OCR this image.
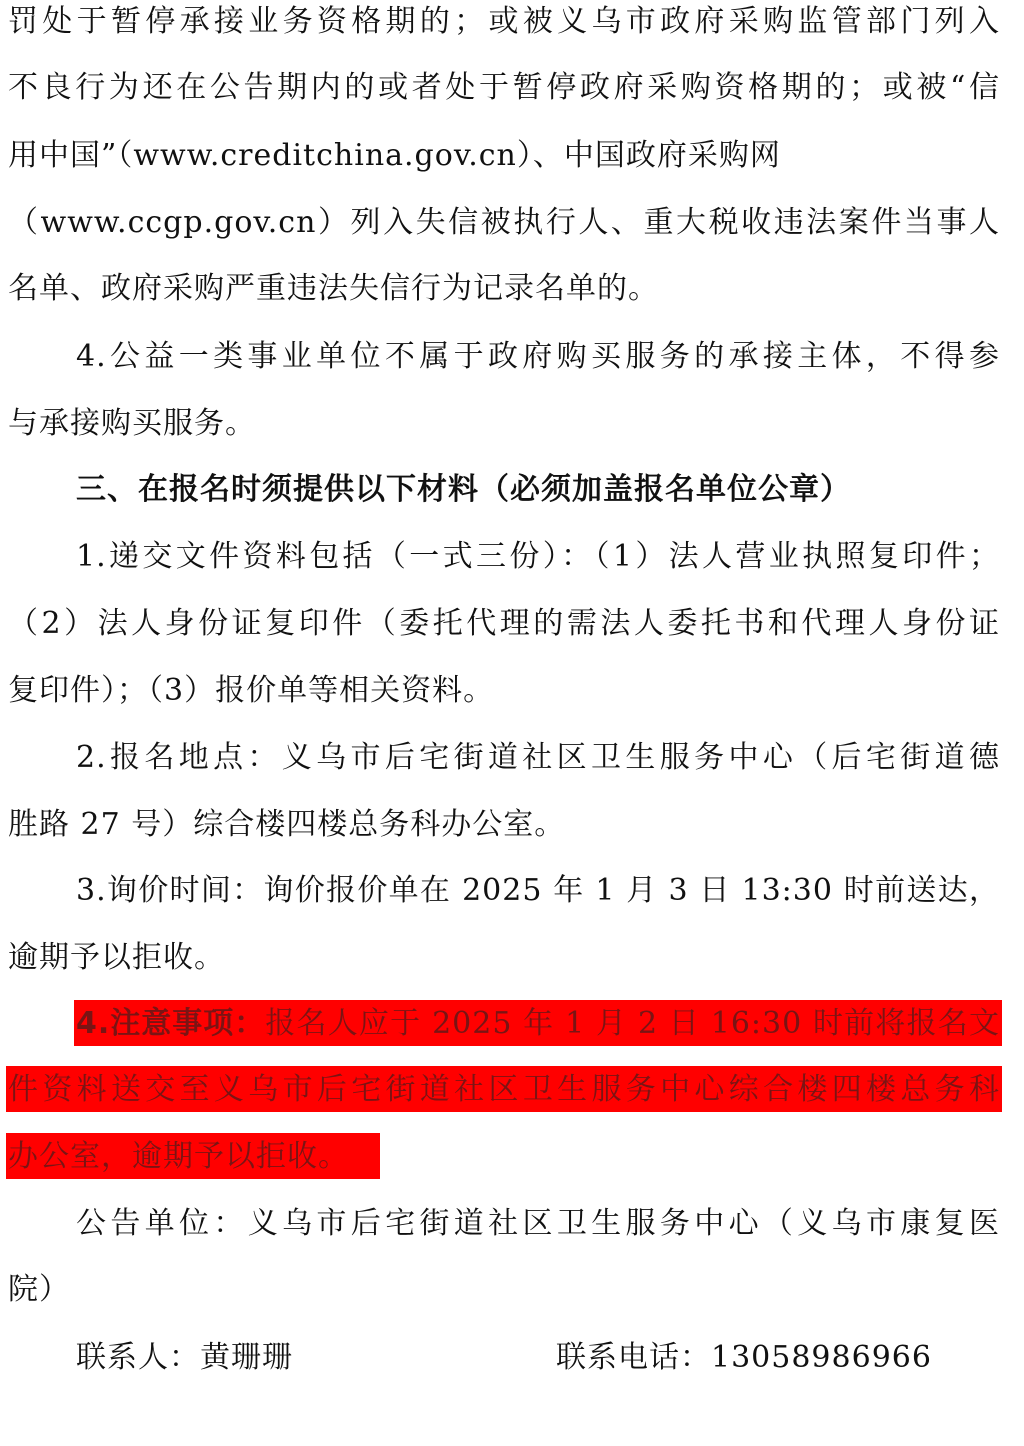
罚处于暂停承接业务资格期的；或被义乌市政府采购监管部门列入
不良行为还在公告期内的或者处于暂停政府采购资格期的；或被“信
用中国”（www.creditchina.gov.cn）、中国政府采购网
（www.ccgp.gov.cn）列入失信被执行人、重大税收违法案件当事人
名单、政府采购严重违法失信行为记录名单的。
4.公益一类事业单位不属于政府购买服务的承接主体，不得参
与承接购买服务。
三、在报名时须提供以下材料（必须加盖报名单位公章）
1.递交文件资料包括（一式三份）：（1）法人营业执照复印件；
（2）法人身份证复印件（委托代理的需法人委托书和代理人身份证
复印件）；（3）报价单等相关资料。
2.报名地点：义乌市后宅街道社区卫生服务中心（后宅街道德
胜路 27 号）综合楼四楼总务科办公室。
3.询价时间：询价报价单在 2025 年 1 月 3 日 13:30 时前送达，
逾期予以拒收。
4.注意事项： 报名人应于 2025 年 1 月 2 日 16:30 时前将报名文
件资料送交至义乌市后宅街道社区卫生服务中心综合楼四楼总务科
办公室，逾期予以拒收。
公告单位：义乌市后宅街道社区卫生服务中心（义乌市康复医
院）
联系人：黄珊珊	联系电话：13058986966
